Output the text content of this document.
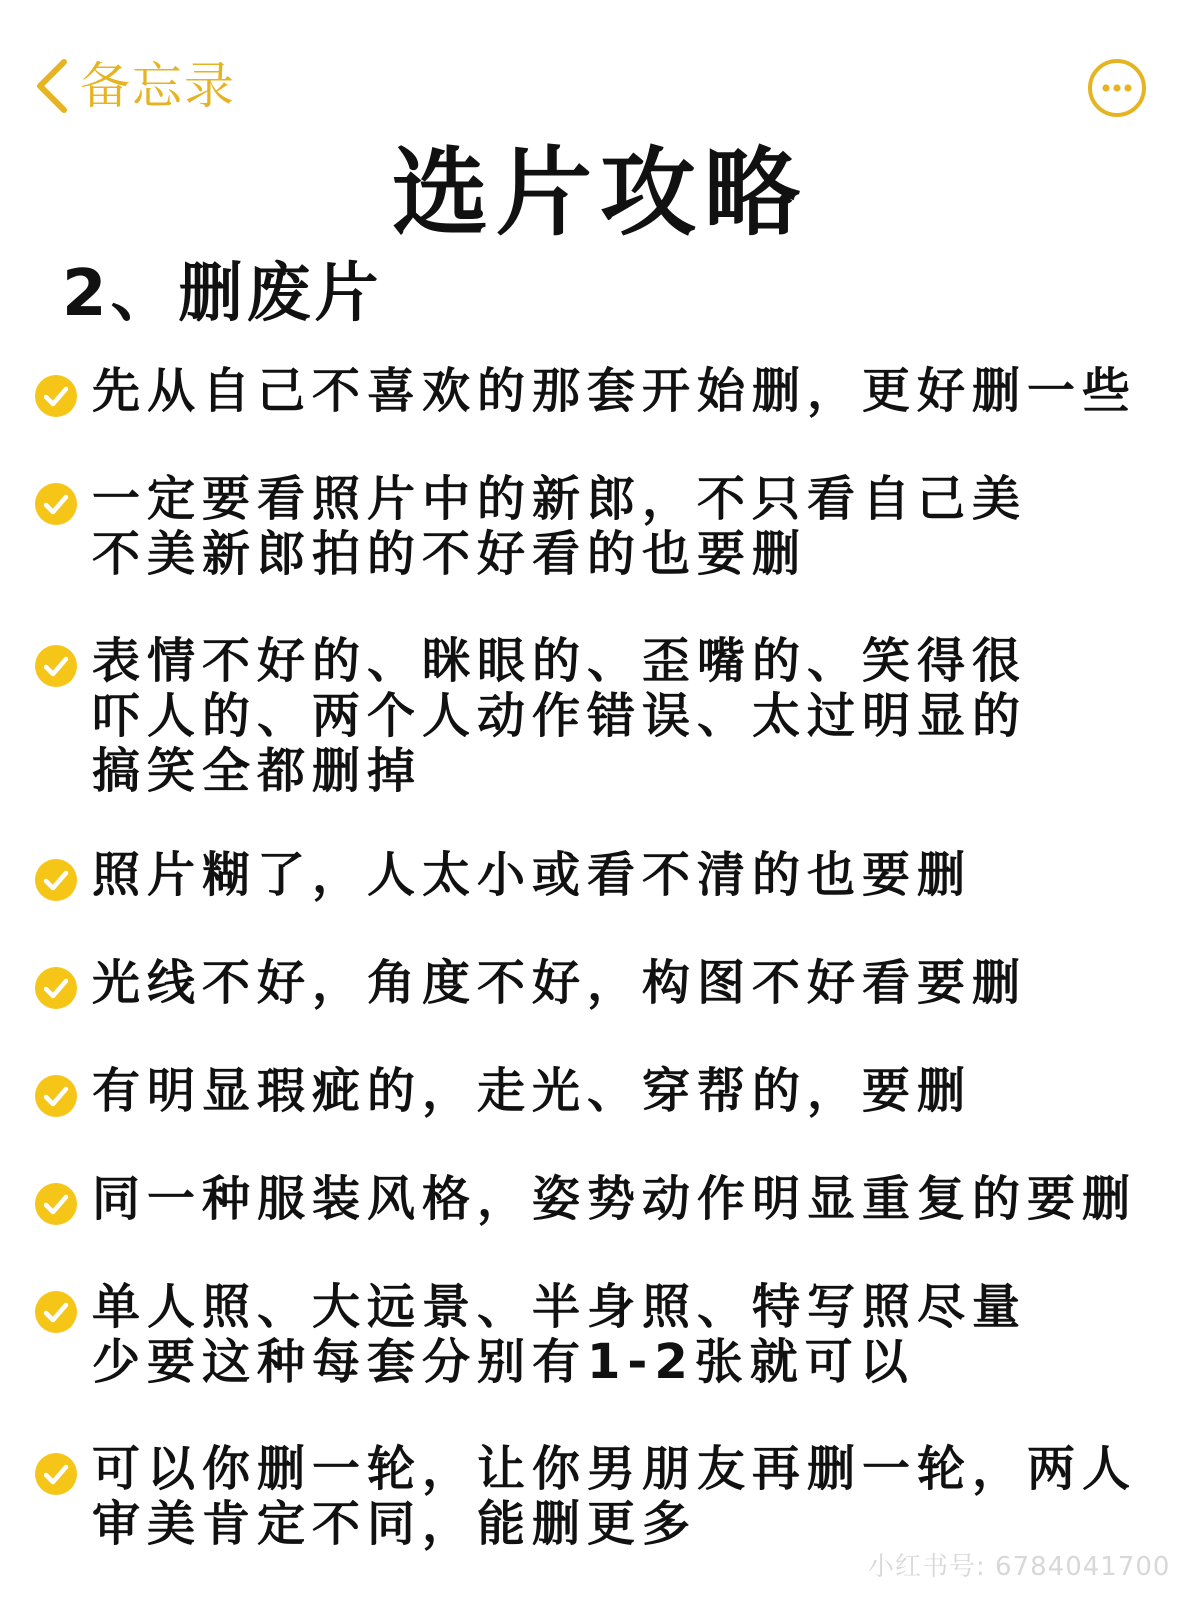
备忘录
选片攻略
2、删废片
先从自己不喜欢的那套开始删，更好删一些
一定要看照片中的新郎，不只看自己美
不美新郎拍的不好看的也要删
表情不好的、眯眼的、歪嘴的、笑得很
吓人的、两个人动作错误、太过明显的
搞笑全都删掉
照片糊了，人太小或看不清的也要删
光线不好，角度不好，构图不好看要删
有明显瑕疵的，走光、穿帮的，要删
同一种服装风格，姿势动作明显重复的要删
单人照、大远景、半身照、特写照尽量
少要这种每套分别有1-2张就可以
可以你删一轮，让你男朋友再删一轮，两人
审美肯定不同，能删更多
小红书号: 6784041700
